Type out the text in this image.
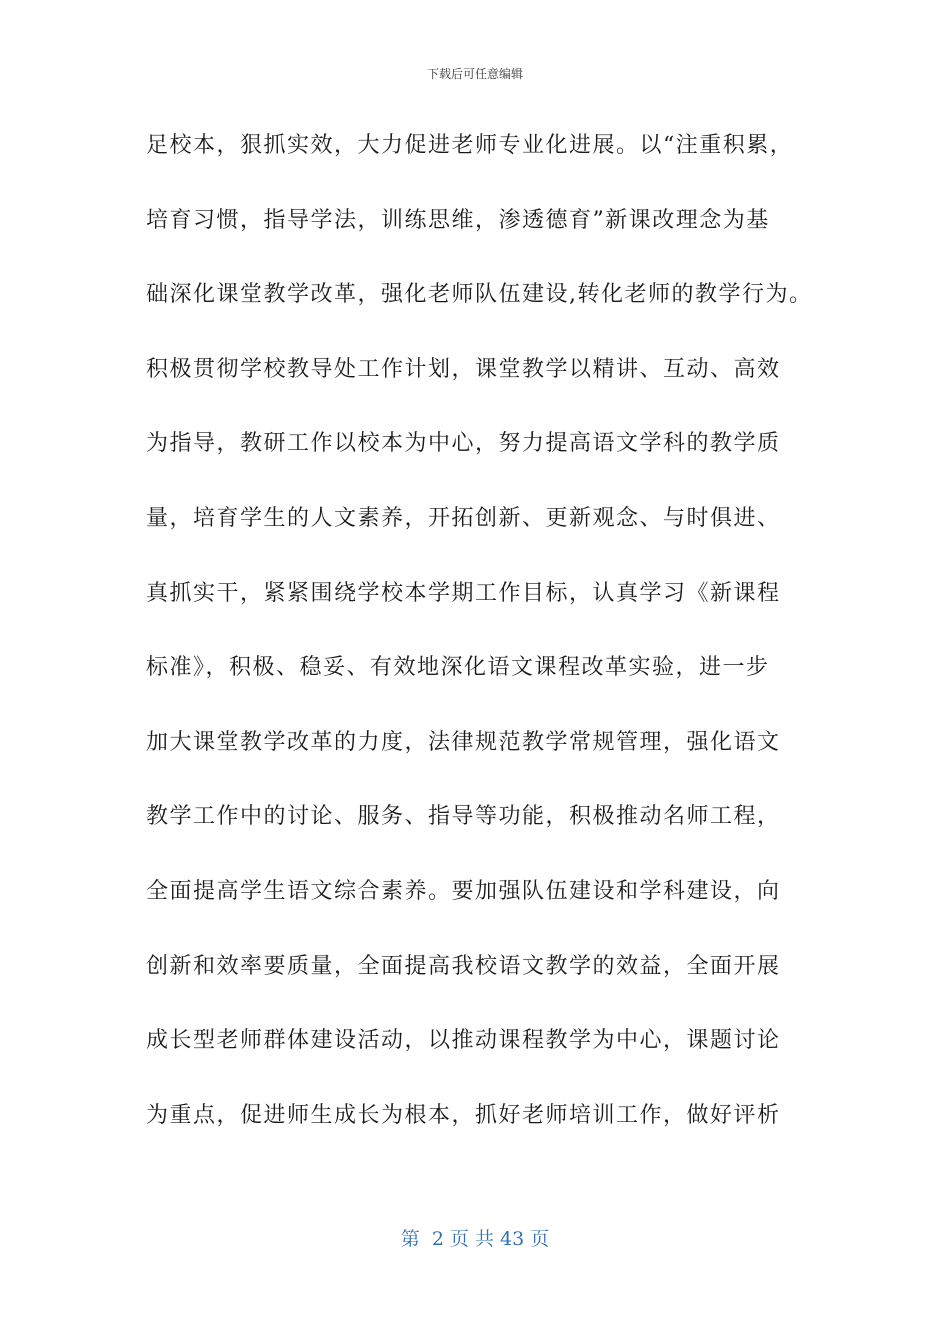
下载后可任意编辑
足校本，狠抓实效，大力促进老师专业化进展。以“注重积累，
培育习惯，指导学法，训练思维，渗透德育”新课改理念为基
础深化课堂教学改革，强化老师队伍建设,转化老师的教学行为。
积极贯彻学校教导处工作计划，课堂教学以精讲、互动、高效
为指导，教研工作以校本为中心，努力提高语文学科的教学质
量，培育学生的人文素养，开拓创新、更新观念、与时俱进、
真抓实干，紧紧围绕学校本学期工作目标，认真学习《新课程
标准》，积极、稳妥、有效地深化语文课程改革实验，进一步
加大课堂教学改革的力度，法律规范教学常规管理，强化语文
教学工作中的讨论、服务、指导等功能，积极推动名师工程，
全面提高学生语文综合素养。要加强队伍建设和学科建设，向
创新和效率要质量，全面提高我校语文教学的效益，全面开展
成长型老师群体建设活动，以推动课程教学为中心，课题讨论
为重点，促进师生成长为根本，抓好老师培训工作，做好评析
第  2 页 共 43 页
